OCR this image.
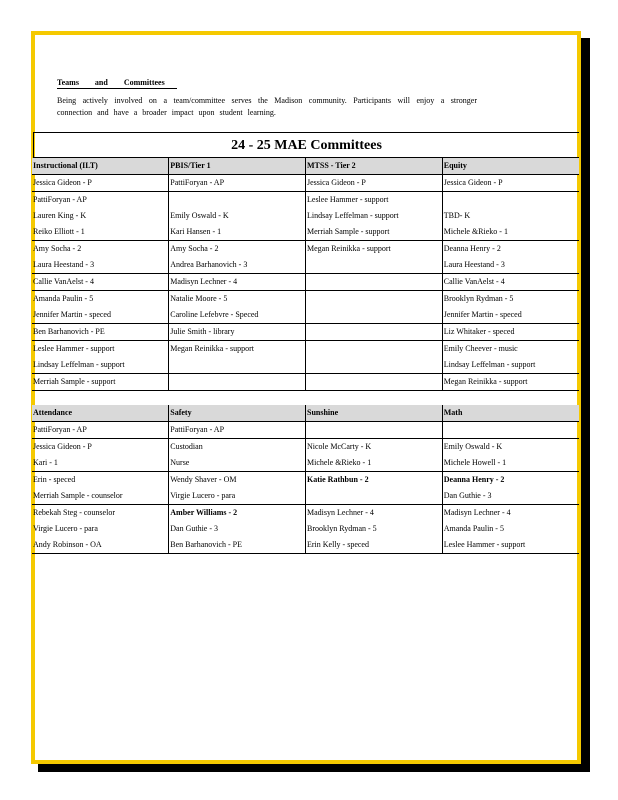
Teams and Committees
Being actively involved on a team/committee serves the Madison community. Participants will enjoy a stronger connection and have a broader impact upon student learning.
24 - 25 MAE Committees
Instructional (ILT)	PBIS/Tier 1	MTSS - Tier 2	Equity
Jessica Gideon - P	PattiForyan - AP	Jessica Gideon - P	Jessica Gideon - P
PattiForyan - AP		Leslee Hammer - support	
Lauren King - K	Emily Oswald - K	Lindsay Leffelman - support	TBD- K
Reiko Elliott - 1	Kari Hansen - 1	Merriah Sample - support	Michele &Rieko - 1
Amy Socha - 2	Amy Socha - 2	Megan Reinikka - support	Deanna Henry - 2
Laura Heestand - 3	Andrea Barhanovich - 3		Laura Heestand - 3
Callie VanAelst - 4	Madisyn Lechner - 4		Callie VanAelst - 4
Amanda Paulin - 5	Natalie Moore - 5		Brooklyn Rydman - 5
Jennifer Martin - speced	Caroline Lefebvre - Speced		Jennifer Martin - speced
Ben Barhanovich - PE	Julie Smith - library		Liz Whitaker - speced
Leslee Hammer - support	Megan Reinikka - support		Emily Cheever - music
Lindsay Leffelman - support			Lindsay Leffelman - support
Merriah Sample - support			Megan Reinikka - support
Attendance	Safety	Sunshine	Math
PattiForyan - AP	PattiForyan - AP		
Jessica Gideon - P	Custodian	Nicole McCarty - K	Emily Oswald - K
Kari - 1	Nurse	Michele &Rieko - 1	Michele Howell - 1
Erin - speced	Wendy Shaver - OM	Katie Rathbun - 2	Deanna Henry - 2
Merriah Sample - counselor	Virgie Lucero - para		Dan Guthie - 3
Rebekah Steg - counselor	Amber Williams - 2	Madisyn Lechner - 4	Madisyn Lechner - 4
Virgie Lucero - para	Dan Guthie - 3	Brooklyn Rydman - 5	Amanda Paulin - 5
Andy Robinson - OA	Ben Barhanovich - PE	Erin Kelly - speced	Leslee Hammer - support
